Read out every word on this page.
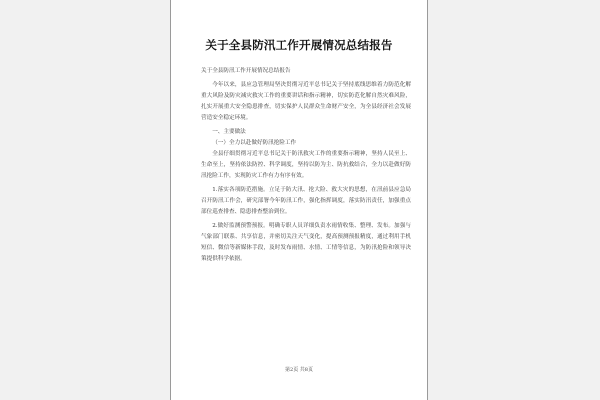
关于全县防汛工作开展情况总结报告

关于全县防汛工作开展情况总结报告

今年以来，县应急管理局坚决贯彻习近平总书记关于坚持底线思维着力防范化解重大风险及防灾减灾救灾工作的重要讲话和指示精神，切实防范化解自然灾难风险，扎实开展重大安全隐患排查，切实保护人民群众生命财产安全，为全县经济社会发展营造安全稳定环境。

一、主要做法

（一）全力以赴做好防汛抢险工作

全县仔细贯彻习近平总书记关于防汛救灾工作的重要指示精神，坚持人民至上、生命至上，坚持依法防控、科学调度，坚持以防为主、防抗救结合，全力以赴做好防汛抢险工作，实现防灾工作有力有序有效。

1.落实各项防范措施。立足于防大汛、抢大险、救大灾的思想，在汛前县应急局召开防汛工作会，研究部署今年防汛工作，强化指挥调度，落实防汛责任，加强重点部位巡查排查、隐患排查整治到位。

2.做好监测预警预报。明确专职人员详细负责水雨情收集、整理、发布。加强与气象部门联系、共享信息，并密切关注天气变化，提高预测预报精度，通过利用手机短信、微信等新媒体手段，及时发布雨情、水情、工情等信息，为防汛抢险和领导决策提供科学依据。

第2页 共8页
